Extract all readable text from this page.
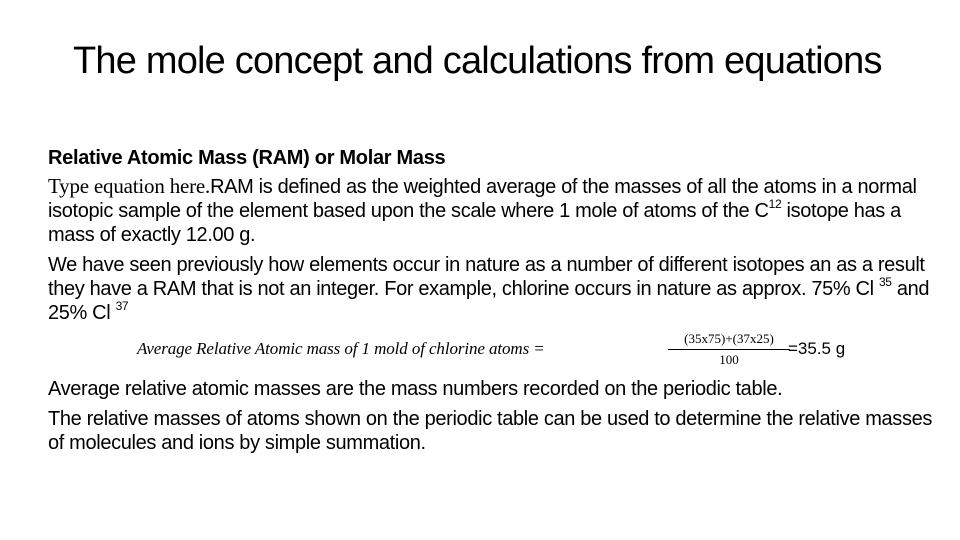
The mole concept and calculations from equations

Relative Atomic Mass (RAM) or Molar Mass

Type equation here.RAM is defined as the weighted average of the masses of all the atoms in a normal isotopic sample of the element based upon the scale where 1 mole of atoms of the $C^{12}$ isotope has a mass of exactly 12.00 g.

We have seen previously how elements occur in nature as a number of different isotopes an as a result they have a RAM that is not an integer. For example, chlorine occurs in nature as approx. 75% Cl $^{35}$ and 25% Cl $^{37}$

Average Relative Atomic mass of 1 mold of chlorine atoms =	$\frac{(35x75)+(37x25)}{100}$
=35.5 g

Average relative atomic masses are the mass numbers recorded on the periodic table.

The relative masses of atoms shown on the periodic table can be used to determine the relative masses of molecules and ions by simple summation.
